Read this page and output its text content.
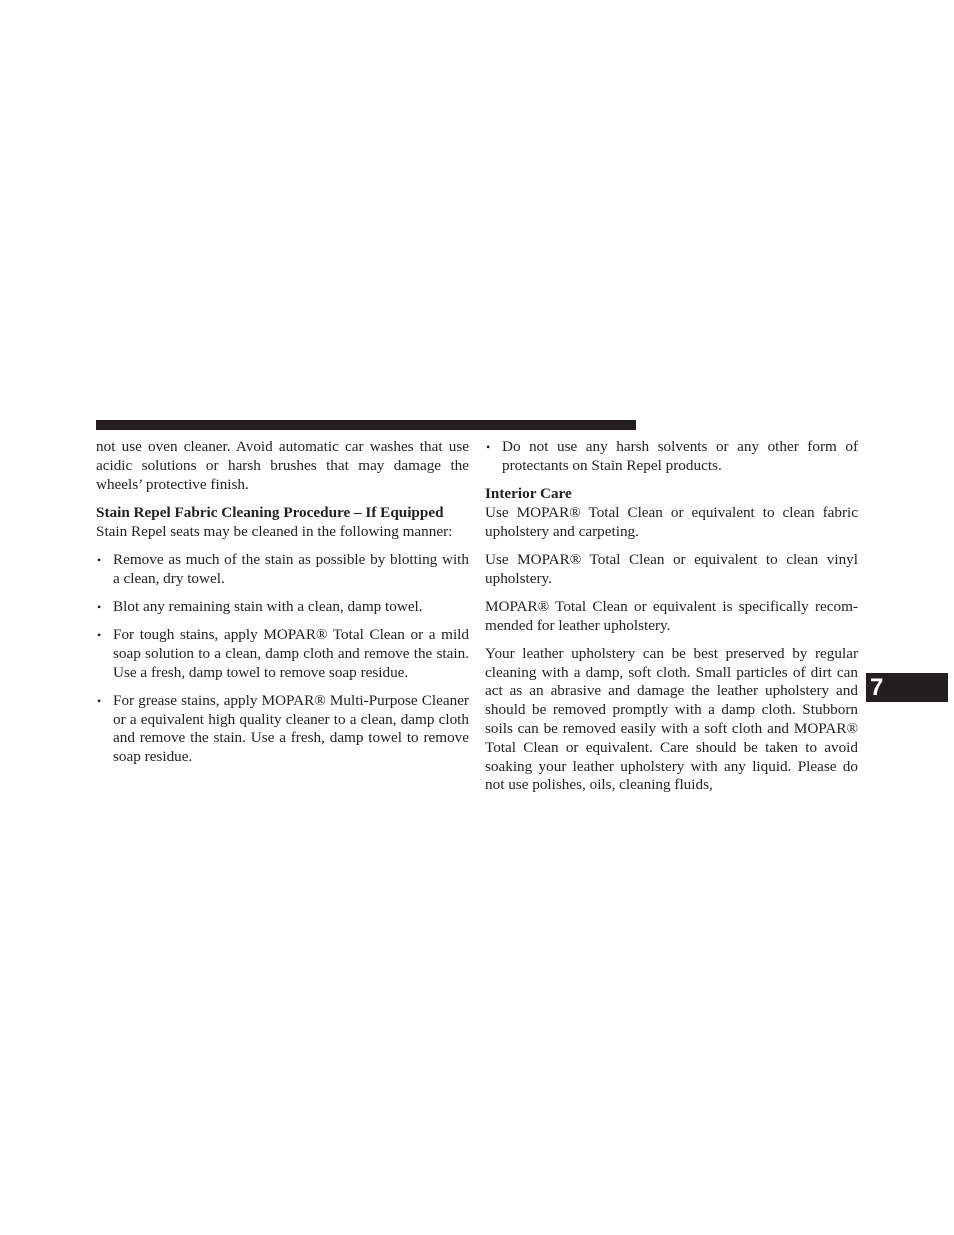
not use oven cleaner. Avoid automatic car washes that use acidic solutions or harsh brushes that may damage the wheels’ protective finish.

Stain Repel Fabric Cleaning Procedure – If Equipped

Stain Repel seats may be cleaned in the following manner:

• Remove as much of the stain as possible by blotting with a clean, dry towel.
• Blot any remaining stain with a clean, damp towel.
• For tough stains, apply MOPAR® Total Clean or a mild soap solution to a clean, damp cloth and remove the stain. Use a fresh, damp towel to remove soap residue.
• For grease stains, apply MOPAR® Multi-Purpose Cleaner or a equivalent high quality cleaner to a clean, damp cloth and remove the stain. Use a fresh, damp towel to remove soap residue.
• Do not use any harsh solvents or any other form of protectants on Stain Repel products.

Interior Care

Use MOPAR® Total Clean or equivalent to clean fabric upholstery and carpeting.

Use MOPAR® Total Clean or equivalent to clean vinyl upholstery.

MOPAR® Total Clean or equivalent is specifically recommended for leather upholstery.

Your leather upholstery can be best preserved by regular cleaning with a damp, soft cloth. Small particles of dirt can act as an abrasive and damage the leather upholstery and should be removed promptly with a damp cloth. Stubborn soils can be removed easily with a soft cloth and MOPAR® Total Clean or equivalent. Care should be taken to avoid soaking your leather upholstery with any liquid. Please do not use polishes, oils, cleaning fluids,

7
